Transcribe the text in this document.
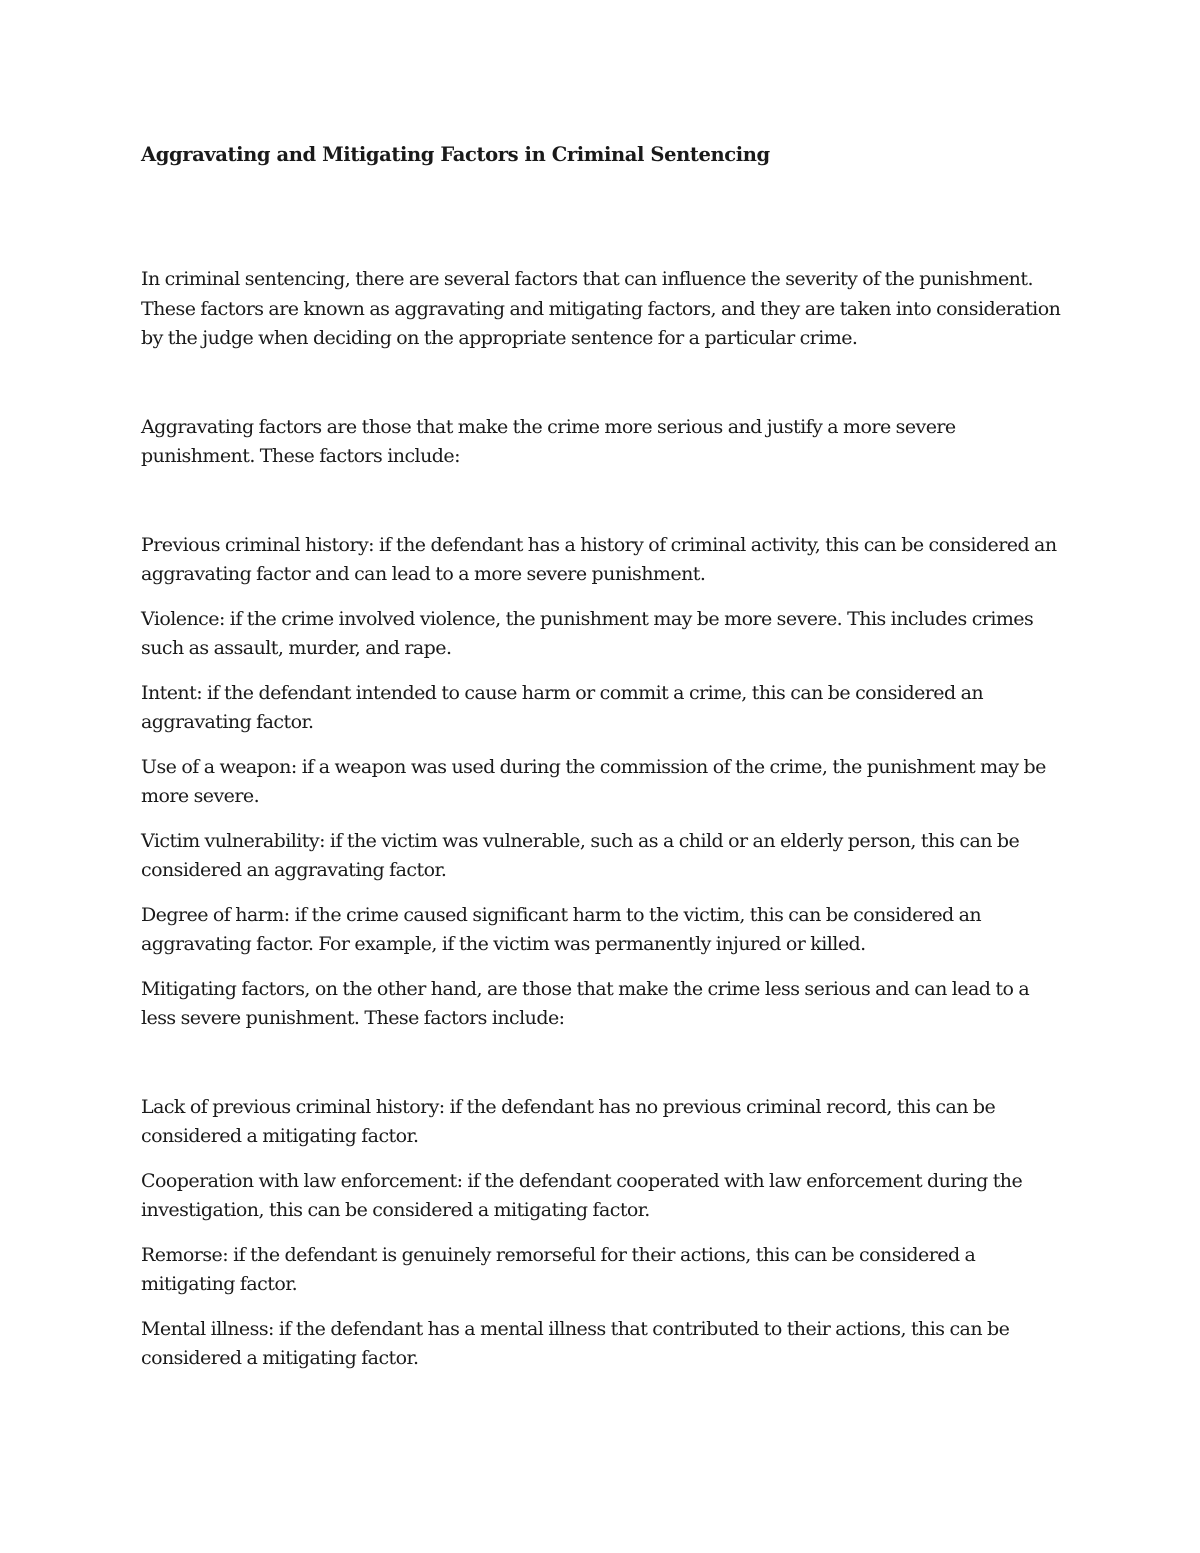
Aggravating and Mitigating Factors in Criminal Sentencing

In criminal sentencing, there are several factors that can influence the severity of the punishment. These factors are known as aggravating and mitigating factors, and they are taken into consideration by the judge when deciding on the appropriate sentence for a particular crime.

Aggravating factors are those that make the crime more serious and justify a more severe punishment. These factors include:

Previous criminal history: if the defendant has a history of criminal activity, this can be considered an aggravating factor and can lead to a more severe punishment.

Violence: if the crime involved violence, the punishment may be more severe. This includes crimes such as assault, murder, and rape.

Intent: if the defendant intended to cause harm or commit a crime, this can be considered an aggravating factor.

Use of a weapon: if a weapon was used during the commission of the crime, the punishment may be more severe.

Victim vulnerability: if the victim was vulnerable, such as a child or an elderly person, this can be considered an aggravating factor.

Degree of harm: if the crime caused significant harm to the victim, this can be considered an aggravating factor. For example, if the victim was permanently injured or killed.

Mitigating factors, on the other hand, are those that make the crime less serious and can lead to a less severe punishment. These factors include:

Lack of previous criminal history: if the defendant has no previous criminal record, this can be considered a mitigating factor.

Cooperation with law enforcement: if the defendant cooperated with law enforcement during the investigation, this can be considered a mitigating factor.

Remorse: if the defendant is genuinely remorseful for their actions, this can be considered a mitigating factor.

Mental illness: if the defendant has a mental illness that contributed to their actions, this can be considered a mitigating factor.
